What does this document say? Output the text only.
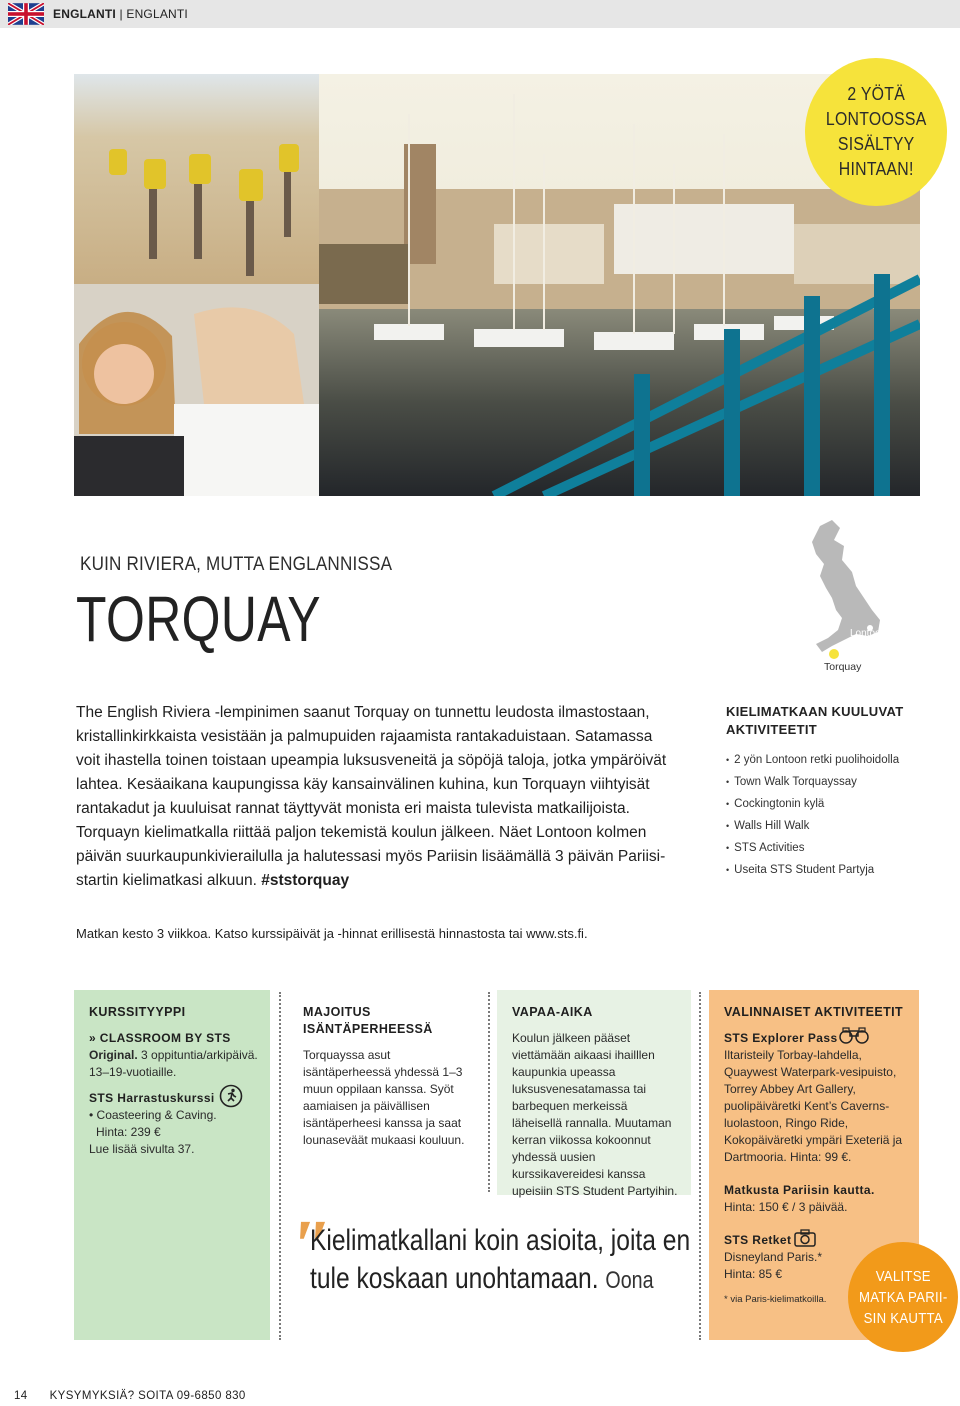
ENGLANTI | ENGLANTI
2 YÖTÄ
LONTOOSSA
SISÄLTYY
HINTAAN!
KUIN RIVIERA, MUTTA ENGLANNISSA
TORQUAY	Lontoo
Torquay
The English Riviera -lempinimen saanut Torquay on tunnettu leudosta ilmastostaan, kristallinkirkkaista vesistään ja palmupuiden rajaamista rantakaduistaan. Satamassa voit ihastella toinen toistaan upeampia luksusveneitä ja söpöjä taloja, jotka ympäröivät lahtea. Kesäaikana kaupungissa käy kansainvälinen kuhina, kun Torquayn viihtyisät rantakadut ja kuuluisat rannat täyttyvät monista eri maista tulevista matkailijoista. Torquayn kielimatkalla riittää paljon tekemistä koulun jälkeen. Näet Lontoon kolmen päivän suurkaupunkivierailulla ja halutessasi myös Pariisin lisäämällä 3 päivän Pariisi-startin kielimatkasi alkuun. #ststorquay
Matkan kesto 3 viikkoa. Katso kurssipäivät ja -hinnat erillisestä hinnastosta tai www.sts.fi.
KIELIMATKAAN KUULUVAT AKTIVITEETIT
• 2 yön Lontoon retki puolihoidolla
• Town Walk Torquayssay
• Cockingtonin kylä
• Walls Hill Walk
• STS Activities
• Useita STS Student Partyja
KURSSITYYPPI
» CLASSROOM BY STS

Original. 3 oppituntia/arkipäivä. 13–19-vuotiaille.

STS Harrastuskurssi

• Coasteering & Caving.

Hinta: 239 €

Lue lisää sivulta 37.

MAJOITUS ISÄNTÄPERHEESSÄ

Torquayssa asut isäntäperheessä yhdessä 1–3 muun oppilaan kanssa. Syöt aamiaisen ja päivällisen isäntäperheesi kanssa ja saat lounaseväät mukaasi kouluun.

VAPAA-AIKA

Koulun jälkeen pääset viettämään aikaasi ihailllen kaupunkia upeassa luksusvenesatamassa tai barbequen merkeissä läheisellä rannalla. Muutaman kerran viikossa kokoonnut yhdessä uusien kurssikavereidesi kanssa upeisiin STS Student Partyihin.

VALINNAISET AKTIVITEETIT
STS Explorer Pass

Iltaristeily Torbay-lahdella, Quaywest Waterpark-vesipuisto, Torrey Abbey Art Gallery, puolipäiväretki Kent’s Caverns- luolastoon, Ringo Ride, Kokopäiväretki ympäri Exeteriä ja Dartmooria. Hinta: 99 €.

Matkusta Pariisin kautta.

Hinta: 150 € / 3 päivää.

STS Retket

Disneyland Paris.*

Hinta: 85 €

* via Paris-kielimatkoilla.

"
Kielimatkallani koin asioita, joita en tule koskaan unohtamaan. Oona	VALITSE
MATKA PARII-
SIN KAUTTA
14 KYSYMYKSIÄ? SOITA 09-6850 830
